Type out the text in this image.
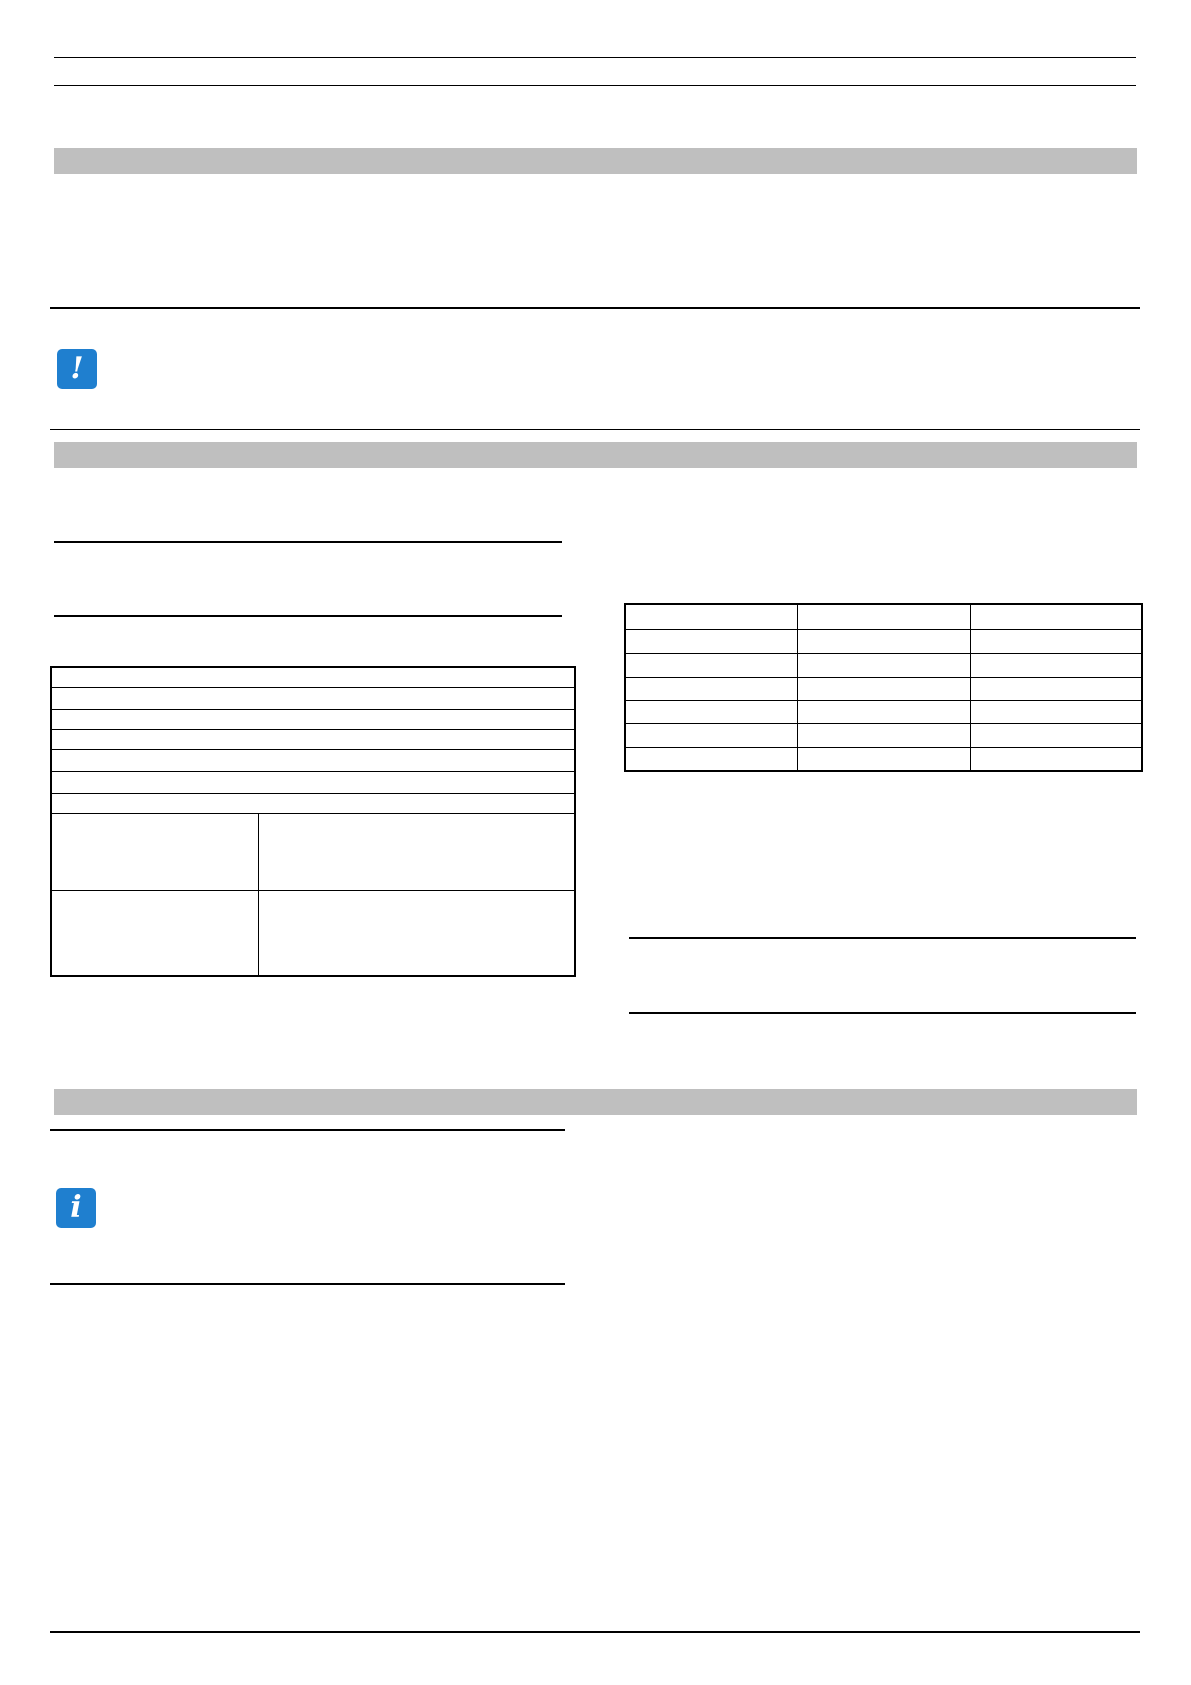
!

i
